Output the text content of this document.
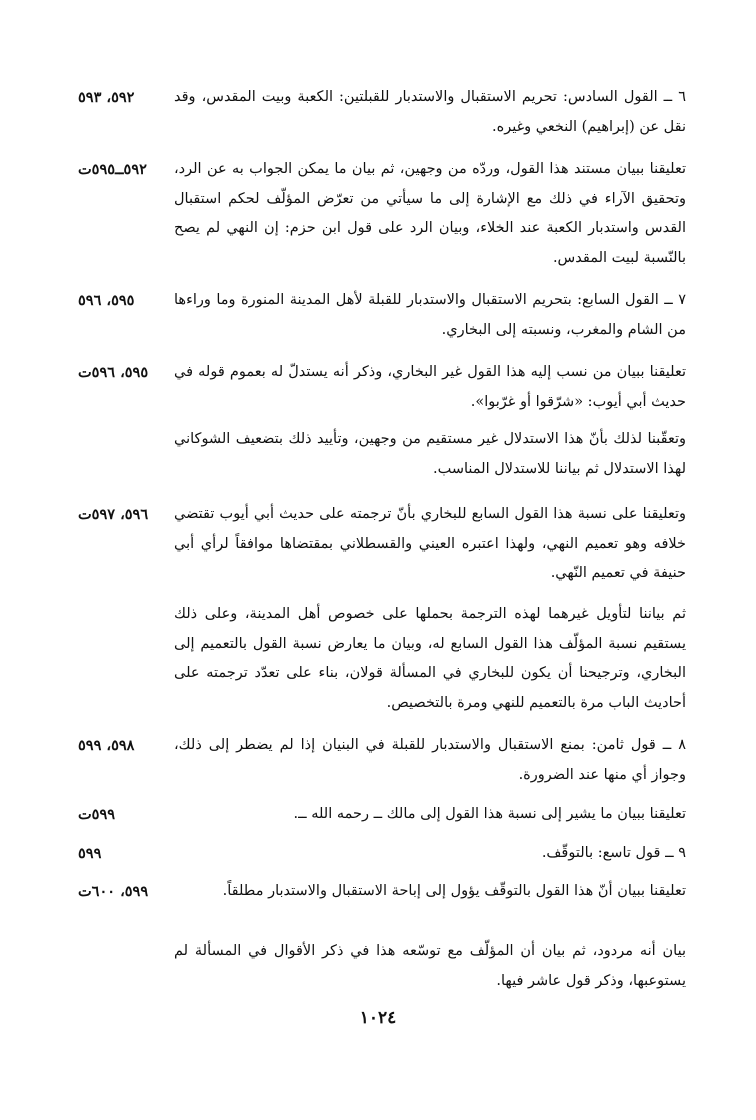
٦ ــ القول السادس: تحريم الاستقبال والاستدبار للقبلتين: الكعبة وبيت المقدس، وقد نقل عن (إبراهيم) النخعي وغيره.
٥٩٢، ٥٩٣
تعليقنا ببيان مستند هذا القول، وردّه من وجهين، ثم بيان ما يمكن الجواب به عن الرد، وتحقيق الآراء في ذلك مع الإشارة إلى ما سيأتي من تعرّض المؤلّف لحكم استقبال القدس واستدبار الكعبة عند الخلاء، وبيان الرد على قول ابن حزم: إن النهي لم يصح بالنّسبة لبيت المقدس.
٥٩٢ــ٥٩٥ت
٧ ــ القول السابع: بتحريم الاستقبال والاستدبار للقبلة لأهل المدينة المنورة وما وراءها من الشام والمغرب، ونسبته إلى البخاري.
٥٩٥، ٥٩٦
تعليقنا ببيان من نسب إليه هذا القول غير البخاري، وذكر أنه يستدلّ له بعموم قوله في حديث أبي أيوب: «شرّقوا أو غرّبوا».
٥٩٥، ٥٩٦ت
وتعقّبنا لذلك بأنّ هذا الاستدلال غير مستقيم من وجهين، وتأييد ذلك بتضعيف الشوكاني لهذا الاستدلال ثم بياننا للاستدلال المناسب.
وتعليقنا على نسبة هذا القول السابع للبخاري بأنّ ترجمته على حديث أبي أيوب تقتضي خلافه وهو تعميم النهي، ولهذا اعتبره العيني والقسطلاني بمقتضاها موافقاً لرأي أبي حنيفة في تعميم النّهي.
٥٩٦، ٥٩٧ت
ثم بياننا لتأويل غيرهما لهذه الترجمة بحملها على خصوص أهل المدينة، وعلى ذلك يستقيم نسبة المؤلّف هذا القول السابع له، وبيان ما يعارض نسبة القول بالتعميم إلى البخاري، وترجيحنا أن يكون للبخاري في المسألة قولان، بناء على تعدّد ترجمته على أحاديث الباب مرة بالتعميم للنهي ومرة بالتخصيص.
٨ ــ قول ثامن: بمنع الاستقبال والاستدبار للقبلة في البنيان إذا لم يضطر إلى ذلك، وجواز أي منها عند الضرورة.
٥٩٨، ٥٩٩
تعليقنا ببيان ما يشير إلى نسبة هذا القول إلى مالك ــ رحمه الله ــ.
٥٩٩ت
٩ ــ قول تاسع: بالتوقّف.
٥٩٩
تعليقنا ببيان أنّ هذا القول بالتوقّف يؤول إلى إباحة الاستقبال والاستدبار مطلقاً.
٥٩٩، ٦٠٠ت
بيان أنه مردود، ثم بيان أن المؤلّف مع توسّعه هذا في ذكر الأقوال في المسألة لم يستوعبها، وذكر قول عاشر فيها.
١٠٢٤
